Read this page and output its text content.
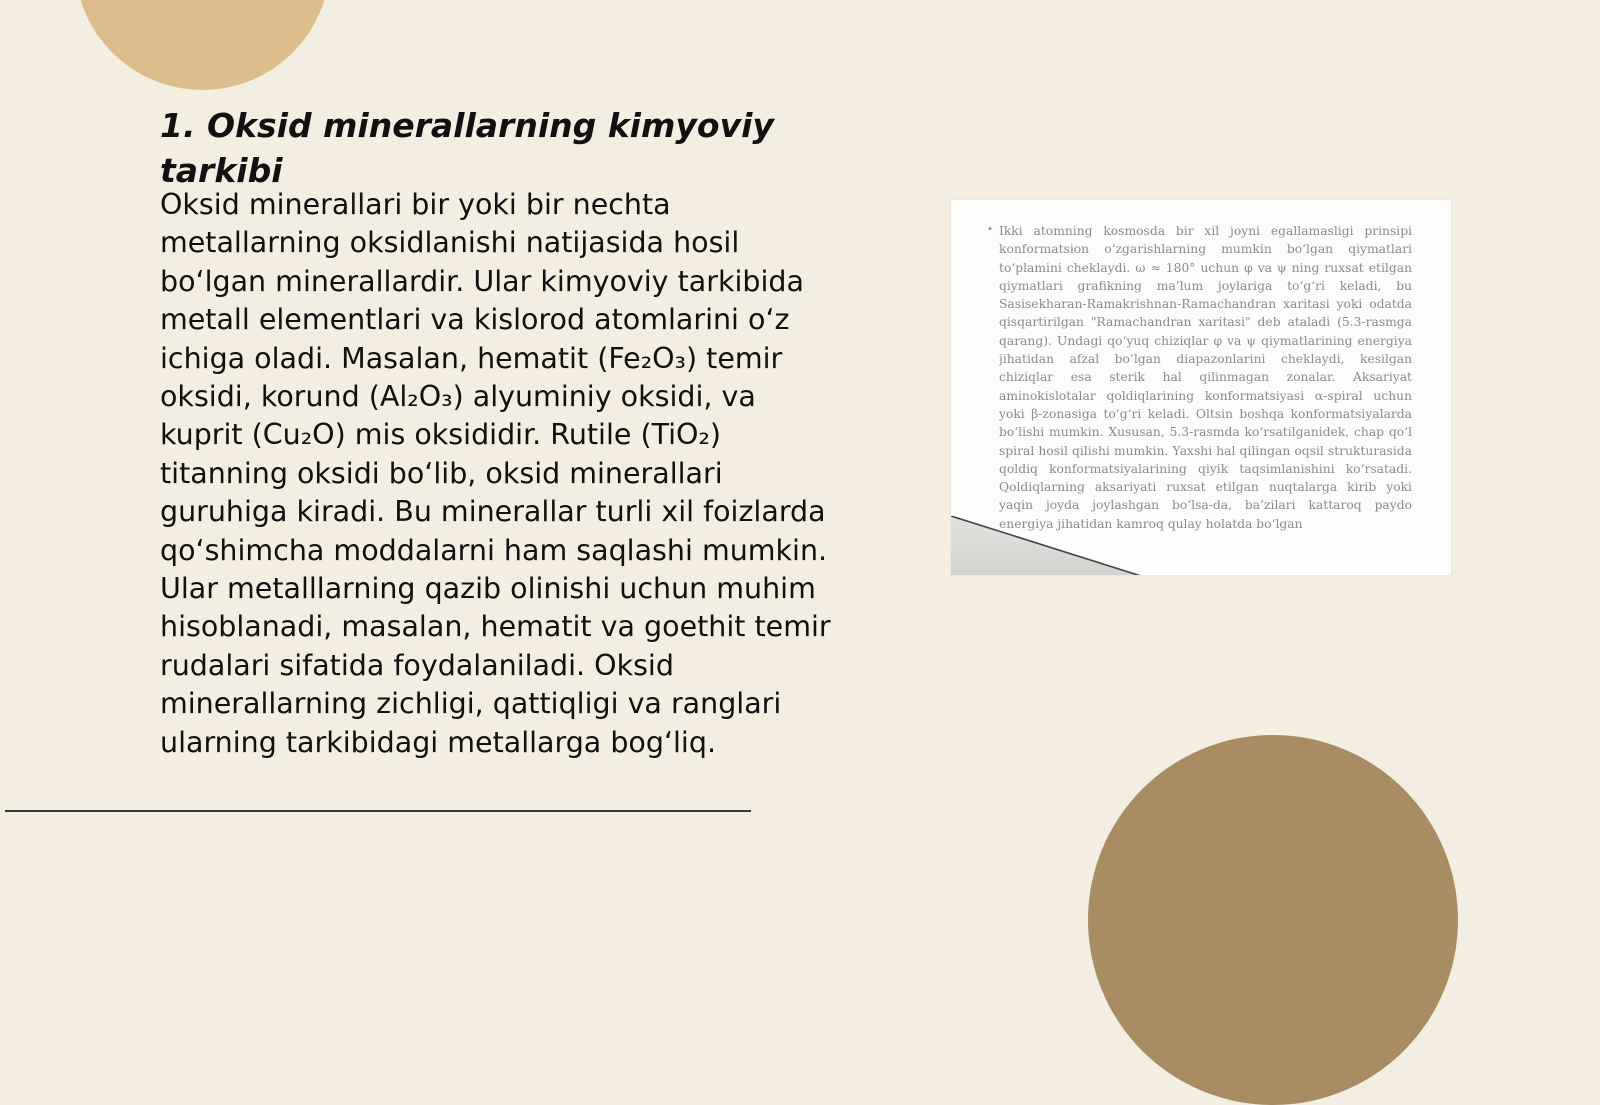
1. Oksid minerallarning kimyoviy tarkibi

Oksid minerallari bir yoki bir nechta metallarning oksidlanishi natijasida hosil bo‘lgan minerallardir. Ular kimyoviy tarkibida metall elementlari va kislorod atomlarini o‘z ichiga oladi. Masalan, hematit (Fe₂O₃) temir oksidi, korund (Al₂O₃) alyuminiy oksidi, va kuprit (Cu₂O) mis oksididir. Rutile (TiO₂) titanning oksidi bo‘lib, oksid minerallari guruhiga kiradi. Bu minerallar turli xil foizlarda qo‘shimcha moddalarni ham saqlashi mumkin. Ular metalllarning qazib olinishi uchun muhim hisoblanadi, masalan, hematit va goethit temir rudalari sifatida foydalaniladi. Oksid minerallarning zichligi, qattiqligi va ranglari ularning tarkibidagi metallarga bog‘liq.

• Ikki atomning kosmosda bir xil joyni egallamasligi prinsipi konformatsion o‘zgarishlarning mumkin bo‘lgan qiymatlari to‘plamini cheklaydi. ω ≈ 180° uchun φ va ψ ning ruxsat etilgan qiymatlari grafikning ma’lum joylariga to‘g‘ri keladi, bu Sasisekharan-Ramakrishnan-Ramachandran xaritasi yoki odatda qisqartirilgan "Ramachandran xaritasi" deb ataladi (5.3-rasmga qarang). Undagi qo‘yuq chiziqlar φ va ψ qiymatlarining energiya jihatidan afzal bo‘lgan diapazonlarini cheklaydi, kesilgan chiziqlar esa sterik hal qilinmagan zonalar. Aksariyat aminokislotalar qoldiqlarining konformatsiyasi α-spiral uchun yoki β-zonasiga to‘g‘ri keladi. Oltsin boshqa konformatsiyalarda bo‘lishi mumkin. Xususan, 5.3-rasmda ko‘rsatilganidek, chap qo‘l spiral hosil qilishi mumkin. Yaxshi hal qilingan oqsil strukturasida qoldiq konformatsiyalarining qiyik taqsimlanishini ko‘rsatadi. Qoldiqlarning aksariyati ruxsat etilgan nuqtalarga kirib yoki yaqin joyda joylashgan bo‘lsa-da, ba’zilari kattaroq paydo energiya jihatidan kamroq qulay holatda bo‘lgan
